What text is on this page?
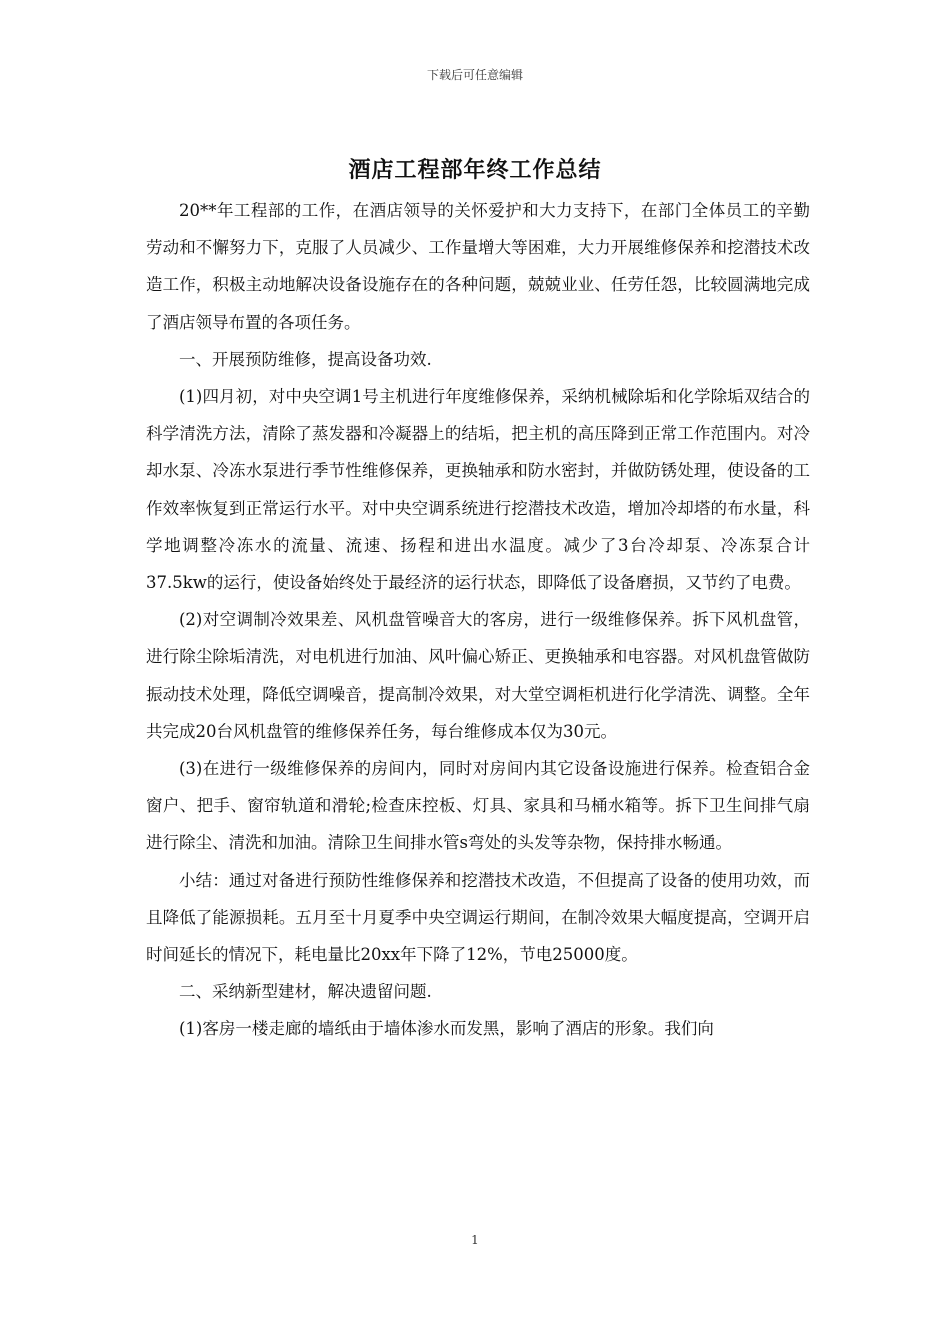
下载后可任意编辑
酒店工程部年终工作总结

20**年工程部的工作，在酒店领导的关怀爱护和大力支持下，在部门全体员工的辛勤劳动和不懈努力下，克服了人员减少、工作量增大等困难，大力开展维修保养和挖潜技术改造工作，积极主动地解决设备设施存在的各种问题，兢兢业业、任劳任怨，比较圆满地完成了酒店领导布置的各项任务。

一、开展预防维修，提高设备功效.

(1)四月初，对中央空调1号主机进行年度维修保养，采纳机械除垢和化学除垢双结合的科学清洗方法，清除了蒸发器和冷凝器上的结垢，把主机的高压降到正常工作范围内。对冷却水泵、冷冻水泵进行季节性维修保养，更换轴承和防水密封，并做防锈处理，使设备的工作效率恢复到正常运行水平。对中央空调系统进行挖潜技术改造，增加冷却塔的布水量，科学地调整冷冻水的流量、流速、扬程和进出水温度。减少了3台冷却泵、冷冻泵合计37.5kw的运行，使设备始终处于最经济的运行状态，即降低了设备磨损，又节约了电费。

(2)对空调制冷效果差、风机盘管噪音大的客房，进行一级维修保养。拆下风机盘管，进行除尘除垢清洗，对电机进行加油、风叶偏心矫正、更换轴承和电容器。对风机盘管做防振动技术处理，降低空调噪音，提高制冷效果，对大堂空调柜机进行化学清洗、调整。全年共完成20台风机盘管的维修保养任务，每台维修成本仅为30元。

(3)在进行一级维修保养的房间内，同时对房间内其它设备设施进行保养。检查铝合金窗户、把手、窗帘轨道和滑轮;检查床控板、灯具、家具和马桶水箱等。拆下卫生间排气扇进行除尘、清洗和加油。清除卫生间排水管s弯处的头发等杂物，保持排水畅通。

小结：通过对备进行预防性维修保养和挖潜技术改造，不但提高了设备的使用功效，而且降低了能源损耗。五月至十月夏季中央空调运行期间，在制冷效果大幅度提高，空调开启时间延长的情况下，耗电量比20xx年下降了12%，节电25000度。

二、采纳新型建材，解决遗留问题.

(1)客房一楼走廊的墙纸由于墙体渗水而发黑，影响了酒店的形象。我们向

1
